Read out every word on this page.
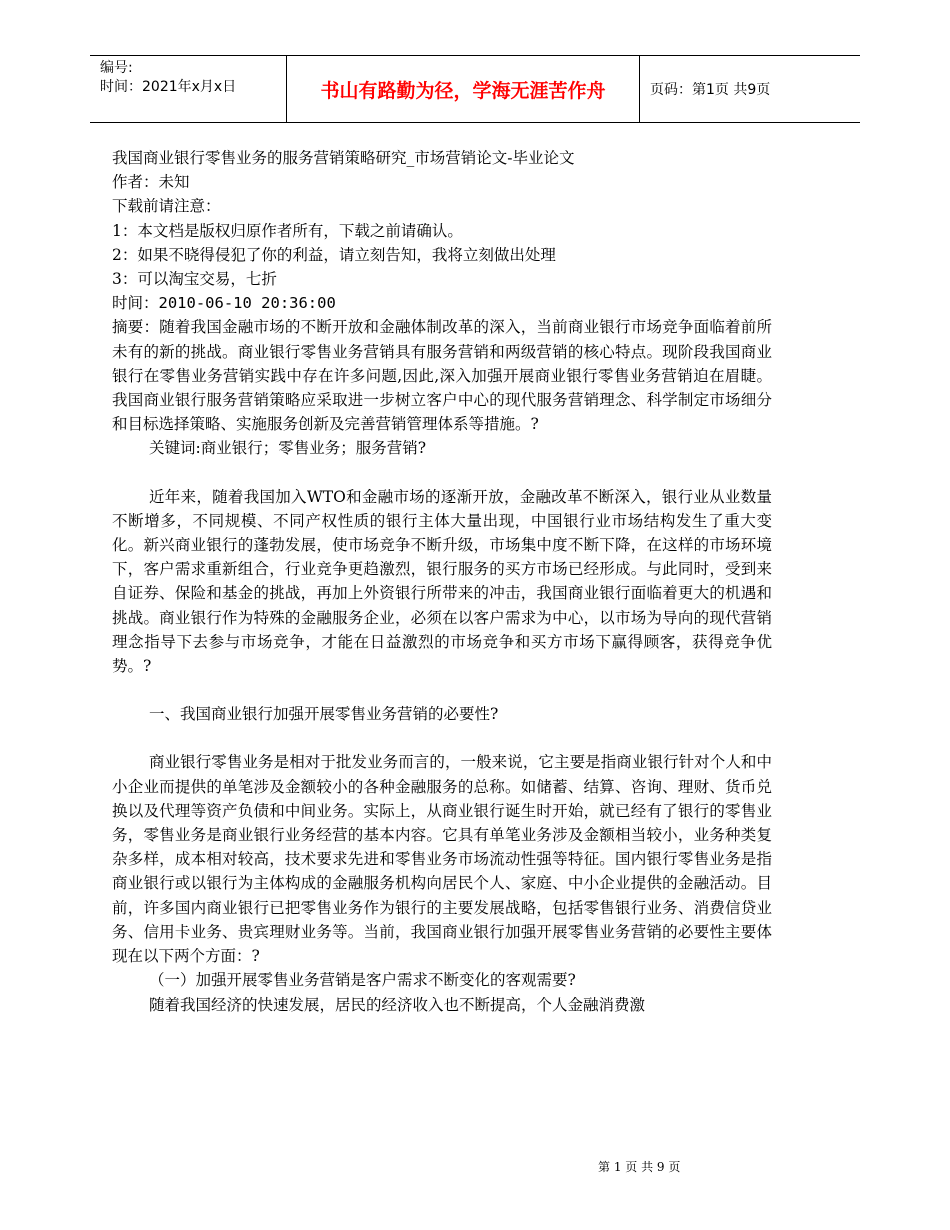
编号:
时间：2021年x月x日	书山有路勤为径，学海无涯苦作舟	页码：第1页 共9页

我国商业银行零售业务的服务营销策略研究_市场营销论文-毕业论文

作者：未知

下载前请注意：

1：本文档是版权归原作者所有，下载之前请确认。

2：如果不晓得侵犯了你的利益，请立刻告知，我将立刻做出处理

3：可以淘宝交易，七折

时间：2010-06-10 20:36:00

摘要：随着我国金融市场的不断开放和金融体制改革的深入，当前商业银行市场竞争面临着前所未有的新的挑战。商业银行零售业务营销具有服务营销和两级营销的核心特点。现阶段我国商业银行在零售业务营销实践中存在许多问题,因此,深入加强开展商业银行零售业务营销迫在眉睫。我国商业银行服务营销策略应采取进一步树立客户中心的现代服务营销理念、科学制定市场细分和目标选择策略、实施服务创新及完善营销管理体系等措施。?

关键词:商业银行；零售业务；服务营销?

近年来，随着我国加入WTO和金融市场的逐渐开放，金融改革不断深入，银行业从业数量不断增多，不同规模、不同产权性质的银行主体大量出现，中国银行业市场结构发生了重大变化。新兴商业银行的蓬勃发展，使市场竞争不断升级，市场集中度不断下降，在这样的市场环境下，客户需求重新组合，行业竞争更趋激烈，银行服务的买方市场已经形成。与此同时，受到来自证券、保险和基金的挑战，再加上外资银行所带来的冲击，我国商业银行面临着更大的机遇和挑战。商业银行作为特殊的金融服务企业，必须在以客户需求为中心，以市场为导向的现代营销理念指导下去参与市场竞争，才能在日益激烈的市场竞争和买方市场下赢得顾客，获得竞争优势。?

一、我国商业银行加强开展零售业务营销的必要性?

商业银行零售业务是相对于批发业务而言的，一般来说，它主要是指商业银行针对个人和中小企业而提供的单笔涉及金额较小的各种金融服务的总称。如储蓄、结算、咨询、理财、货币兑换以及代理等资产负债和中间业务。实际上，从商业银行诞生时开始，就已经有了银行的零售业务，零售业务是商业银行业务经营的基本内容。它具有单笔业务涉及金额相当较小，业务种类复杂多样，成本相对较高，技术要求先进和零售业务市场流动性强等特征。国内银行零售业务是指商业银行或以银行为主体构成的金融服务机构向居民个人、家庭、中小企业提供的金融活动。目前，许多国内商业银行已把零售业务作为银行的主要发展战略，包括零售银行业务、消费信贷业务、信用卡业务、贵宾理财业务等。当前，我国商业银行加强开展零售业务营销的必要性主要体现在以下两个方面：?

（一）加强开展零售业务营销是客户需求不断变化的客观需要?

随着我国经济的快速发展，居民的经济收入也不断提高，个人金融消费激

第 1 页 共 9 页
